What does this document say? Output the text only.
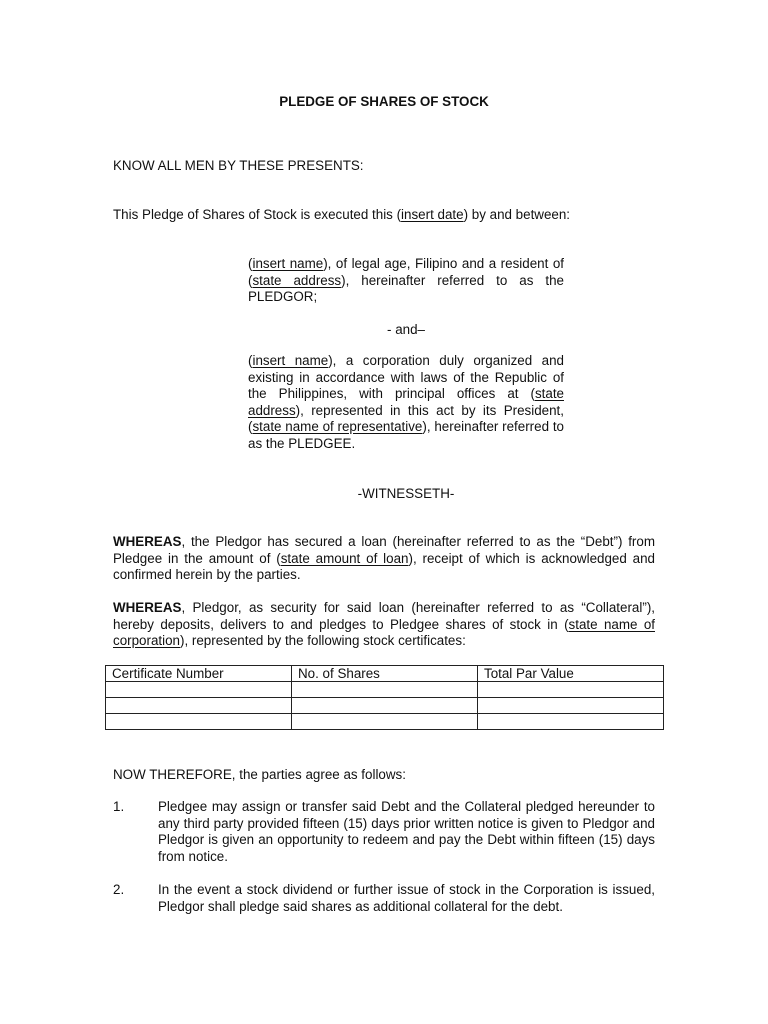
PLEDGE OF SHARES OF STOCK
KNOW ALL MEN BY THESE PRESENTS:
This Pledge of Shares of Stock is executed this (insert date) by and between:
(insert name), of legal age, Filipino and a resident of (state address), hereinafter referred to as the PLEDGOR;
- and–
(insert name), a corporation duly organized and existing in accordance with laws of the Republic of the Philippines, with principal offices at (state address), represented in this act by its President, (state name of representative), hereinafter referred to as the PLEDGEE.
-WITNESSETH-
WHEREAS, the Pledgor has secured a loan (hereinafter referred to as the “Debt”) from Pledgee in the amount of (state amount of loan), receipt of which is acknowledged and confirmed herein by the parties.
WHEREAS, Pledgor, as security for said loan (hereinafter referred to as “Collateral”), hereby deposits, delivers to and pledges to Pledgee shares of stock in (state name of corporation), represented by the following stock certificates:
Certificate Number	No. of Shares	Total Par Value

NOW THEREFORE, the parties agree as follows:
1.	Pledgee may assign or transfer said Debt and the Collateral pledged hereunder to any third party provided fifteen (15) days prior written notice is given to Pledgor and Pledgor is given an opportunity to redeem and pay the Debt within fifteen (15) days from notice.
2.	In the event a stock dividend or further issue of stock in the Corporation is issued, Pledgor shall pledge said shares as additional collateral for the debt.
